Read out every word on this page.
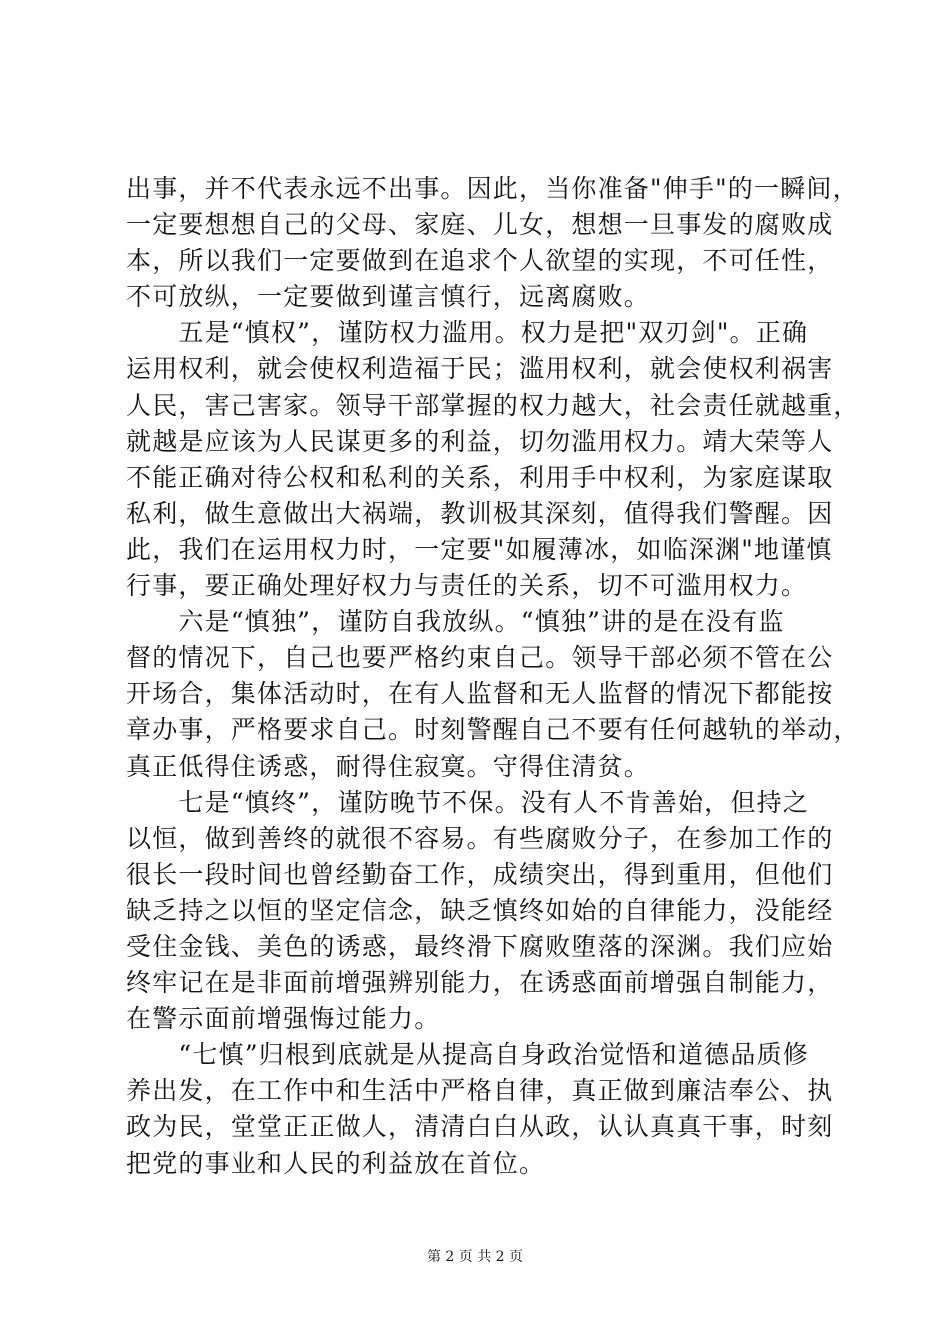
出事，并不代表永远不出事。因此，当你准备"伸手"的一瞬间，
一定要想想自己的父母、家庭、儿女，想想一旦事发的腐败成
本，所以我们一定要做到在追求个人欲望的实现，不可任性，
不可放纵，一定要做到谨言慎行，远离腐败。
　　五是“慎权”，谨防权力滥用。权力是把"双刃剑"。正确
运用权利，就会使权利造福于民；滥用权利，就会使权利祸害
人民，害己害家。领导干部掌握的权力越大，社会责任就越重，
就越是应该为人民谋更多的利益，切勿滥用权力。靖大荣等人
不能正确对待公权和私利的关系，利用手中权利，为家庭谋取
私利，做生意做出大祸端，教训极其深刻，值得我们警醒。因
此，我们在运用权力时，一定要"如履薄冰，如临深渊"地谨慎
行事，要正确处理好权力与责任的关系，切不可滥用权力。
　　六是“慎独”，谨防自我放纵。“慎独”讲的是在没有监
督的情况下，自己也要严格约束自己。领导干部必须不管在公
开场合，集体活动时，在有人监督和无人监督的情况下都能按
章办事，严格要求自己。时刻警醒自己不要有任何越轨的举动，
真正低得住诱惑，耐得住寂寞。守得住清贫。
　　七是“慎终”，谨防晚节不保。没有人不肯善始，但持之
以恒，做到善终的就很不容易。有些腐败分子，在参加工作的
很长一段时间也曾经勤奋工作，成绩突出，得到重用，但他们
缺乏持之以恒的坚定信念，缺乏慎终如始的自律能力，没能经
受住金钱、美色的诱惑，最终滑下腐败堕落的深渊。我们应始
终牢记在是非面前增强辨别能力，在诱惑面前增强自制能力，
在警示面前增强悔过能力。
　　“七慎”归根到底就是从提高自身政治觉悟和道德品质修
养出发，在工作中和生活中严格自律，真正做到廉洁奉公、执
政为民，堂堂正正做人，清清白白从政，认认真真干事，时刻
把党的事业和人民的利益放在首位。
第 2 页 共 2 页
